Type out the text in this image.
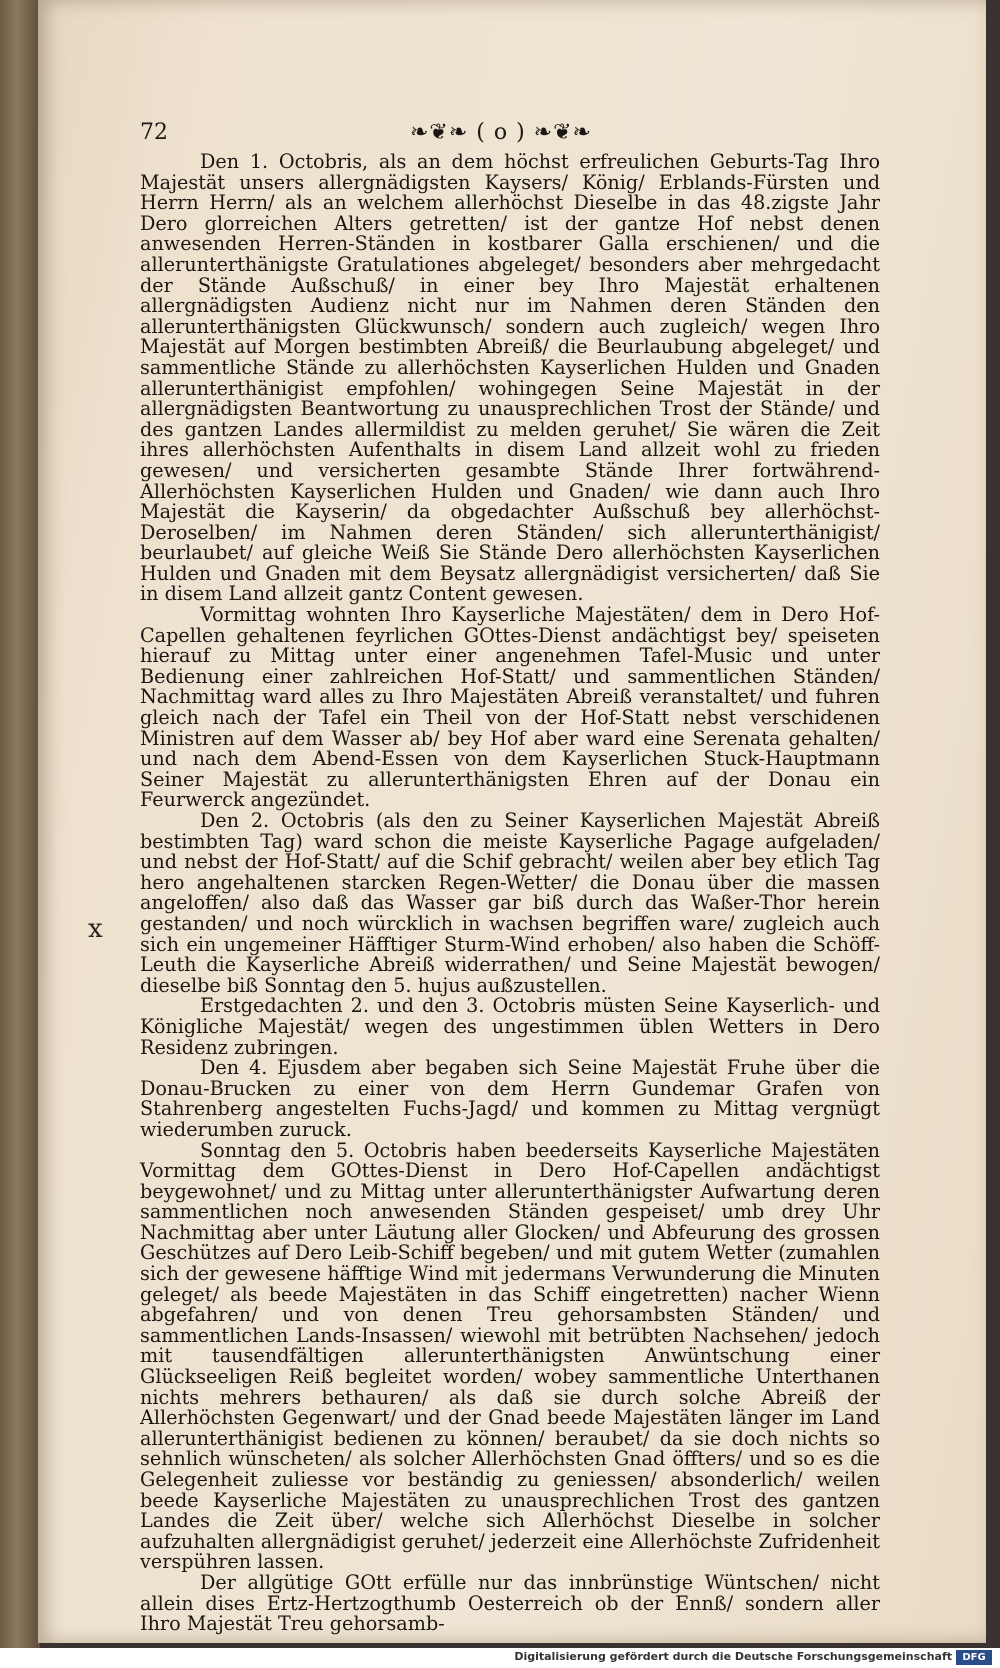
72	❧❦❧ ( o ) ❧❦❧
x

Den 1. Octobris, als an dem höchst erfreulichen Geburts-Tag Ihro Majestät unsers allergnädigsten Kaysers/ König/ Erblands-Fürsten und Herrn Herrn/ als an welchem allerhöchst Dieselbe in das 48.zigste Jahr Dero glorreichen Alters getretten/ ist der gantze Hof nebst denen anwesenden Herren-Ständen in kostbarer Galla erschienen/ und die allerunterthänigste Gratulationes abgeleget/ besonders aber mehrgedacht der Stände Außschuß/ in einer bey Ihro Majestät erhaltenen allergnädigsten Audienz nicht nur im Nahmen deren Ständen den allerunterthänigsten Glückwunsch/ sondern auch zugleich/ wegen Ihro Majestät auf Morgen bestimbten Abreiß/ die Beurlaubung abgeleget/ und sammentliche Stände zu allerhöchsten Kayserlichen Hulden und Gnaden allerunterthänigist empfohlen/ wohingegen Seine Majestät in der allergnädigsten Beantwortung zu unausprechlichen Trost der Stände/ und des gantzen Landes allermildist zu melden geruhet/ Sie wären die Zeit ihres allerhöchsten Aufenthalts in disem Land allzeit wohl zu frieden gewesen/ und versicherten gesambte Stände Ihrer fortwährend-Allerhöchsten Kayserlichen Hulden und Gnaden/ wie dann auch Ihro Majestät die Kayserin/ da obgedachter Außschuß bey allerhöchst-Deroselben/ im Nahmen deren Ständen/ sich allerunterthänigist/ beurlaubet/ auf gleiche Weiß Sie Stände Dero allerhöchsten Kayserlichen Hulden und Gnaden mit dem Beysatz allergnädigist versicherten/ daß Sie in disem Land allzeit gantz Content gewesen.

Vormittag wohnten Ihro Kayserliche Majestäten/ dem in Dero Hof-Capellen gehaltenen feyrlichen GOttes-Dienst andächtigst bey/ speiseten hierauf zu Mittag unter einer angenehmen Tafel-Music und unter Bedienung einer zahlreichen Hof-Statt/ und sammentlichen Ständen/ Nachmittag ward alles zu Ihro Majestäten Abreiß veranstaltet/ und fuhren gleich nach der Tafel ein Theil von der Hof-Statt nebst verschidenen Ministren auf dem Wasser ab/ bey Hof aber ward eine Serenata gehalten/ und nach dem Abend-Essen von dem Kayserlichen Stuck-Hauptmann Seiner Majestät zu allerunterthänigsten Ehren auf der Donau ein Feurwerck angezündet.

Den 2. Octobris (als den zu Seiner Kayserlichen Majestät Abreiß bestimbten Tag) ward schon die meiste Kayserliche Pagage aufgeladen/ und nebst der Hof-Statt/ auf die Schif gebracht/ weilen aber bey etlich Tag hero angehaltenen starcken Regen-Wetter/ die Donau über die massen angeloffen/ also daß das Wasser gar biß durch das Waßer-Thor herein gestanden/ und noch würcklich in wachsen begriffen ware/ zugleich auch sich ein ungemeiner Häfftiger Sturm-Wind erhoben/ also haben die Schöff-Leuth die Kayserliche Abreiß widerrathen/ und Seine Majestät bewogen/ dieselbe biß Sonntag den 5. hujus außzustellen.

Erstgedachten 2. und den 3. Octobris müsten Seine Kayserlich- und Königliche Majestät/ wegen des ungestimmen üblen Wetters in Dero Residenz zubringen.

Den 4. Ejusdem aber begaben sich Seine Majestät Fruhe über die Donau-Brucken zu einer von dem Herrn Gundemar Grafen von Stahrenberg angestelten Fuchs-Jagd/ und kommen zu Mittag vergnügt wiederumben zuruck.

Sonntag den 5. Octobris haben beederseits Kayserliche Majestäten Vormittag dem GOttes-Dienst in Dero Hof-Capellen andächtigst beygewohnet/ und zu Mittag unter allerunterthänigster Aufwartung deren sammentlichen noch anwesenden Ständen gespeiset/ umb drey Uhr Nachmittag aber unter Läutung aller Glocken/ und Abfeurung des grossen Geschützes auf Dero Leib-Schiff begeben/ und mit gutem Wetter (zumahlen sich der gewesene häfftige Wind mit jedermans Verwunderung die Minuten geleget/ als beede Majestäten in das Schiff eingetretten) nacher Wienn abgefahren/ und von denen Treu gehorsambsten Ständen/ und sammentlichen Lands-Insassen/ wiewohl mit betrübten Nachsehen/ jedoch mit tausendfältigen allerunterthänigsten Anwüntschung einer Glückseeligen Reiß begleitet worden/ wobey sammentliche Unterthanen nichts mehrers bethauren/ als daß sie durch solche Abreiß der Allerhöchsten Gegenwart/ und der Gnad beede Majestäten länger im Land allerunterthänigist bedienen zu können/ beraubet/ da sie doch nichts so sehnlich wünscheten/ als solcher Allerhöchsten Gnad öffters/ und so es die Gelegenheit zuliesse vor beständig zu geniessen/ absonderlich/ weilen beede Kayserliche Majestäten zu unausprechlichen Trost des gantzen Landes die Zeit über/ welche sich Allerhöchst Dieselbe in solcher aufzuhalten allergnädigist geruhet/ jederzeit eine Allerhöchste Zufridenheit verspühren lassen.

Der allgütige GOtt erfülle nur das innbrünstige Wüntschen/ nicht allein dises Ertz-Hertzogthumb Oesterreich ob der Ennß/ sondern aller Ihro Majestät Treu gehorsamb-

Digitalisierung gefördert durch die Deutsche Forschungsgemeinschaft	DFG
